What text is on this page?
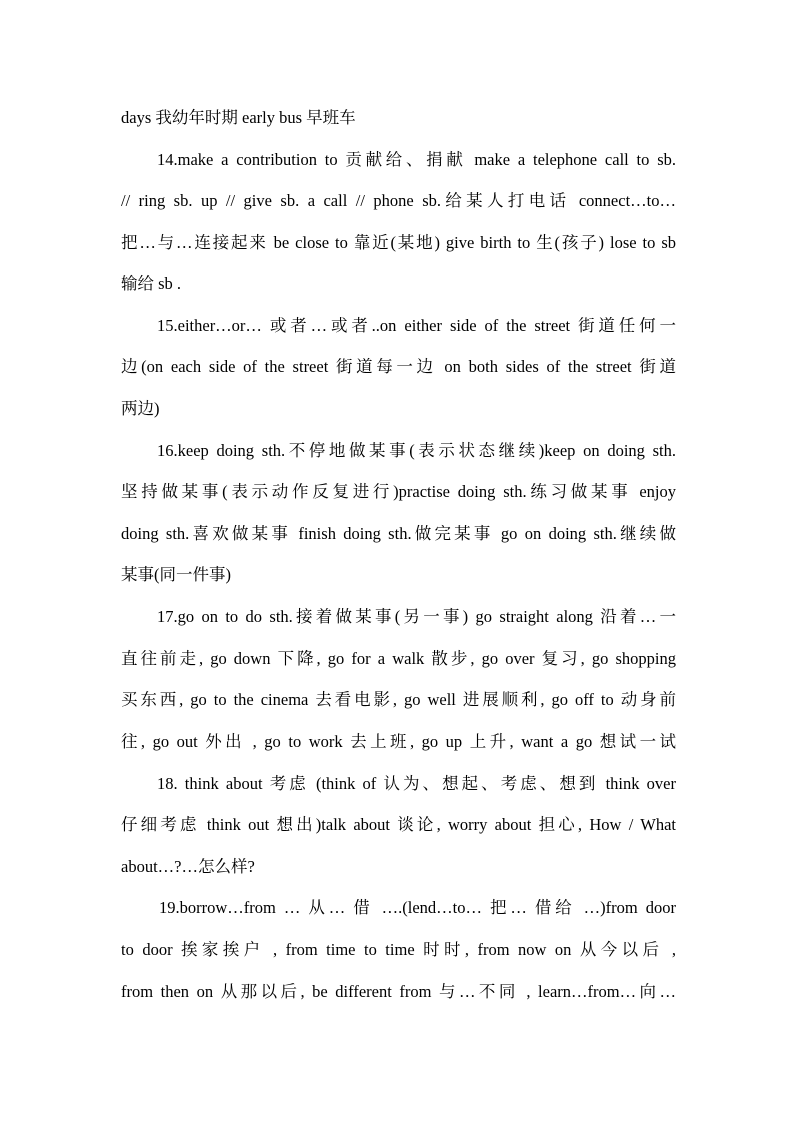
days 我幼年时期 early bus 早班车
14.make a contribution to 贡献给、捐献 make a telephone call to sb.
// ring sb. up // give sb. a call // phone sb.给某人打电话 connect…to…
把…与…连接起来 be close to 靠近(某地) give birth to 生(孩子) lose to sb
输给 sb .
15.either…or… 或者…或者..on either side of the street 街道任何一
边(on each side of the street 街道每一边 on both sides of the street 街道
两边)
16.keep doing sth.不停地做某事(表示状态继续)keep on doing sth.
坚持做某事(表示动作反复进行)practise doing sth.练习做某事 enjoy
doing sth.喜欢做某事 finish doing sth.做完某事 go on doing sth.继续做
某事(同一件事)
17.go on to do sth.接着做某事(另一事) go straight along 沿着…一
直往前走, go down 下降, go for a walk 散步, go over 复习, go shopping
买东西, go to the cinema 去看电影, go well 进展顺利, go off to 动身前
往, go out 外出 , go to work 去上班, go up 上升, want a go 想试一试
18. think about 考虑 (think of 认为、想起、考虑、想到 think over
仔细考虑 think out 想出)talk about 谈论, worry about 担心, How / What
about…?…怎么样?
19.borrow…from … 从… 借 ….(lend…to… 把… 借给 …)from door
to door 挨家挨户 , from time to time 时时, from now on 从今以后 ,
from then on 从那以后, be different from 与…不同 , learn…from…向…
